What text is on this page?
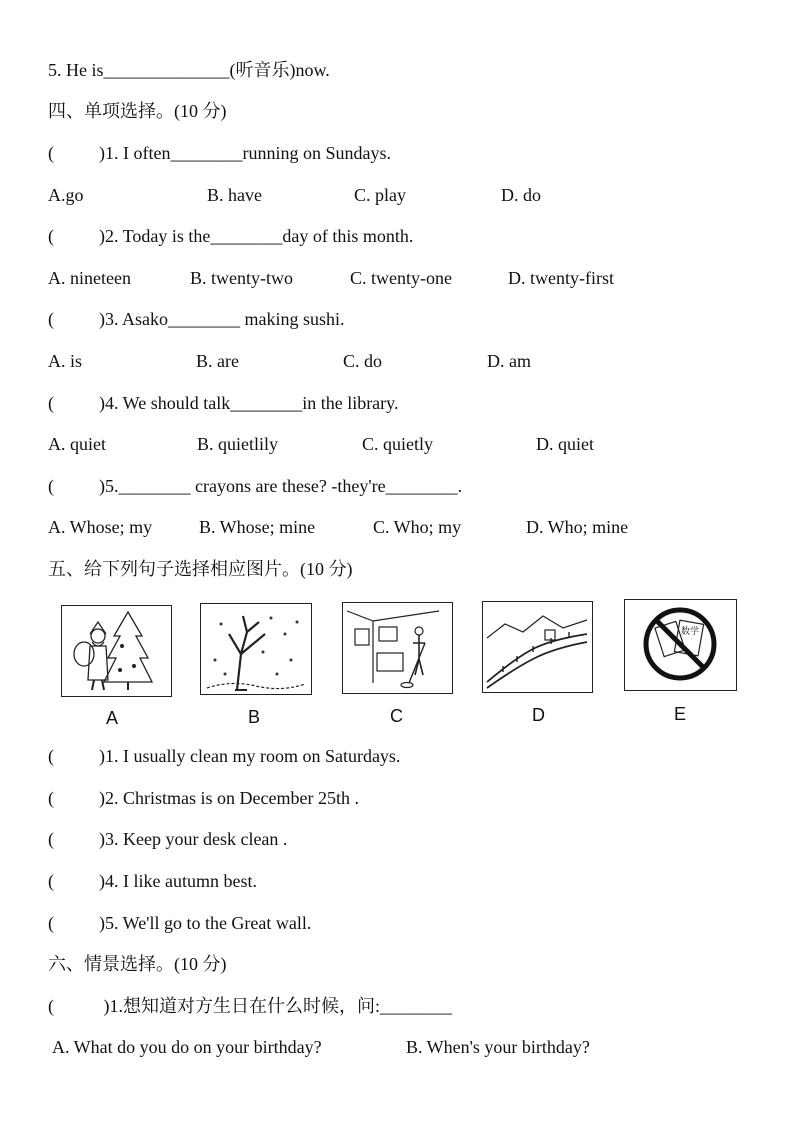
5. He is______________(听音乐)now.
四、单项选择。(10 分)
(          )1. I often________running on Sundays.
A.go	B. have	C. play	D. do
(          )2. Today is the________day of this month.
A. nineteen	B. twenty-two	C. twenty-one	D. twenty-first
(          )3. Asako________ making sushi.
A. is	B. are	C. do	D. am
(          )4. We should talk________in the library.
A. quiet	B. quietlily	C. quietly	D. quiet
(          )5.________ crayons are these? -they're________.
A. Whose; my	B. Whose; mine	C. Who; my	D. Who; mine
五、给下列句子选择相应图片。(10 分)
A	B	C	D
数学
E
(          )1. I usually clean my room on Saturdays.
(          )2. Christmas is on December 25th .
(          )3. Keep your desk clean .
(          )4. I like autumn best.
(          )5. We'll go to the Great wall.
六、情景选择。(10 分)
(           )1.想知道对方生日在什么时候，问:________
A. What do you do on your birthday?	B. When's your birthday?
